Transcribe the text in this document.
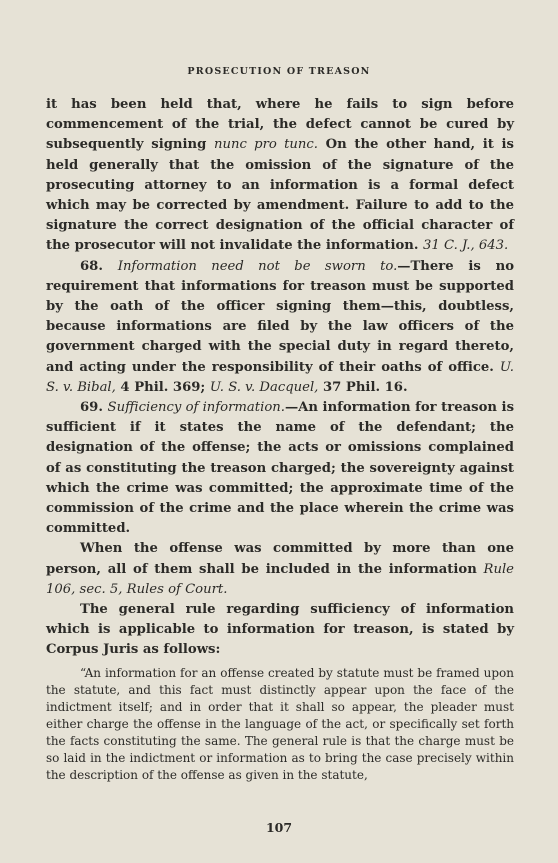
PROSECUTION OF TREASON

it has been held that, where he fails to sign before commencement of the trial, the defect cannot be cured by subsequently signing nunc pro tunc. On the other hand, it is held generally that the omission of the signature of the prosecuting attorney to an information is a formal defect which may be corrected by amendment. Failure to add to the signature the correct designation of the official character of the prosecutor will not invalidate the information. 31 C. J., 643.

68. Information need not be sworn to.—There is no requirement that informations for treason must be supported by the oath of the officer signing them—this, doubtless, because informations are filed by the law officers of the government charged with the special duty in regard thereto, and acting under the responsibility of their oaths of office. U. S. v. Bibal, 4 Phil. 369; U. S. v. Dacquel, 37 Phil. 16.

69. Sufficiency of information.—An information for treason is sufficient if it states the name of the defendant; the designation of the offense; the acts or omissions complained of as constituting the treason charged; the sovereignty against which the crime was committed; the approximate time of the commission of the crime and the place wherein the crime was committed.

When the offense was committed by more than one person, all of them shall be included in the information Rule 106, sec. 5, Rules of Court.

The general rule regarding sufficiency of information which is applicable to information for treason, is stated by Corpus Juris as follows:

“An information for an offense created by statute must be framed upon the statute, and this fact must distinctly appear upon the face of the indictment itself; and in order that it shall so appear, the pleader must either charge the offense in the language of the act, or specifically set forth the facts constituting the same. The general rule is that the charge must be so laid in the indictment or information as to bring the case precisely within the description of the offense as given in the statute,

107
